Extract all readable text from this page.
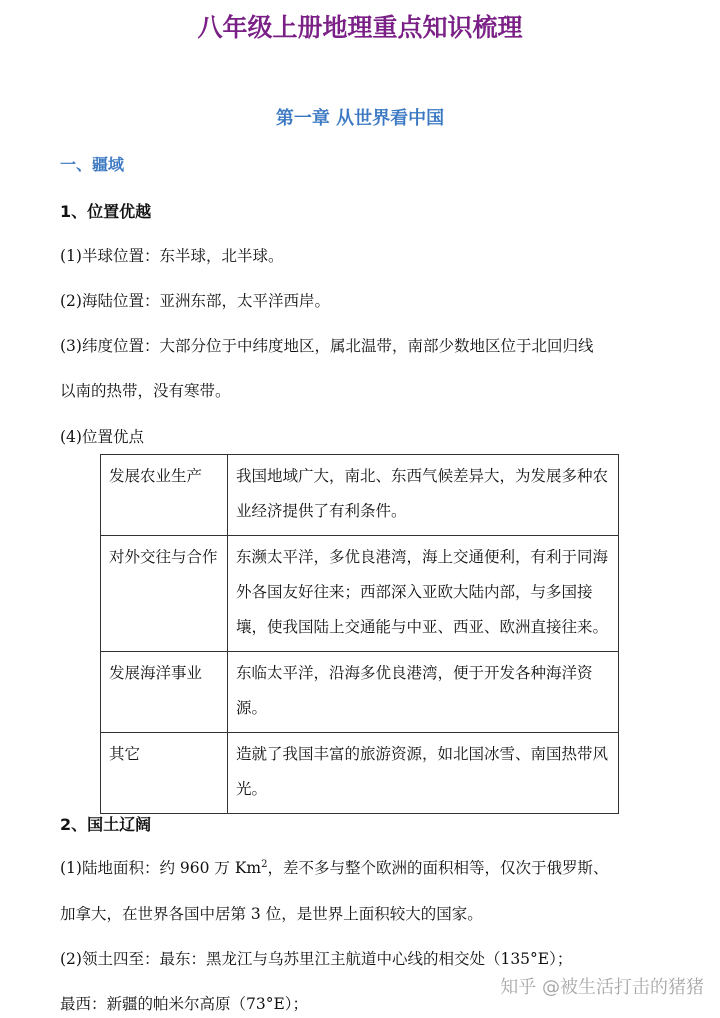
八年级上册地理重点知识梳理
第一章 从世界看中国
一、疆域
1、位置优越
(1)半球位置：东半球，北半球。
(2)海陆位置：亚洲东部，太平洋西岸。
(3)纬度位置：大部分位于中纬度地区，属北温带，南部少数地区位于北回归线
以南的热带，没有寒带。
(4)位置优点
发展农业生产	我国地域广大，南北、东西气候差异大，为发展多种农业经济提供了有利条件。
对外交往与合作	东濒太平洋，多优良港湾，海上交通便利，有利于同海外各国友好往来；西部深入亚欧大陆内部，与多国接壤，使我国陆上交通能与中亚、西亚、欧洲直接往来。
发展海洋事业	东临太平洋，沿海多优良港湾，便于开发各种海洋资源。
其它	造就了我国丰富的旅游资源，如北国冰雪、南国热带风光。
2、国土辽阔
(1)陆地面积：约 960 万 Km$^2$，差不多与整个欧洲的面积相等，仅次于俄罗斯、
加拿大，在世界各国中居第 3 位，是世界上面积较大的国家。
(2)领土四至：最东：黑龙江与乌苏里江主航道中心线的相交处（135°E）；
最西：新疆的帕米尔高原（73°E）；
知乎 @被生活打击的猪猪
